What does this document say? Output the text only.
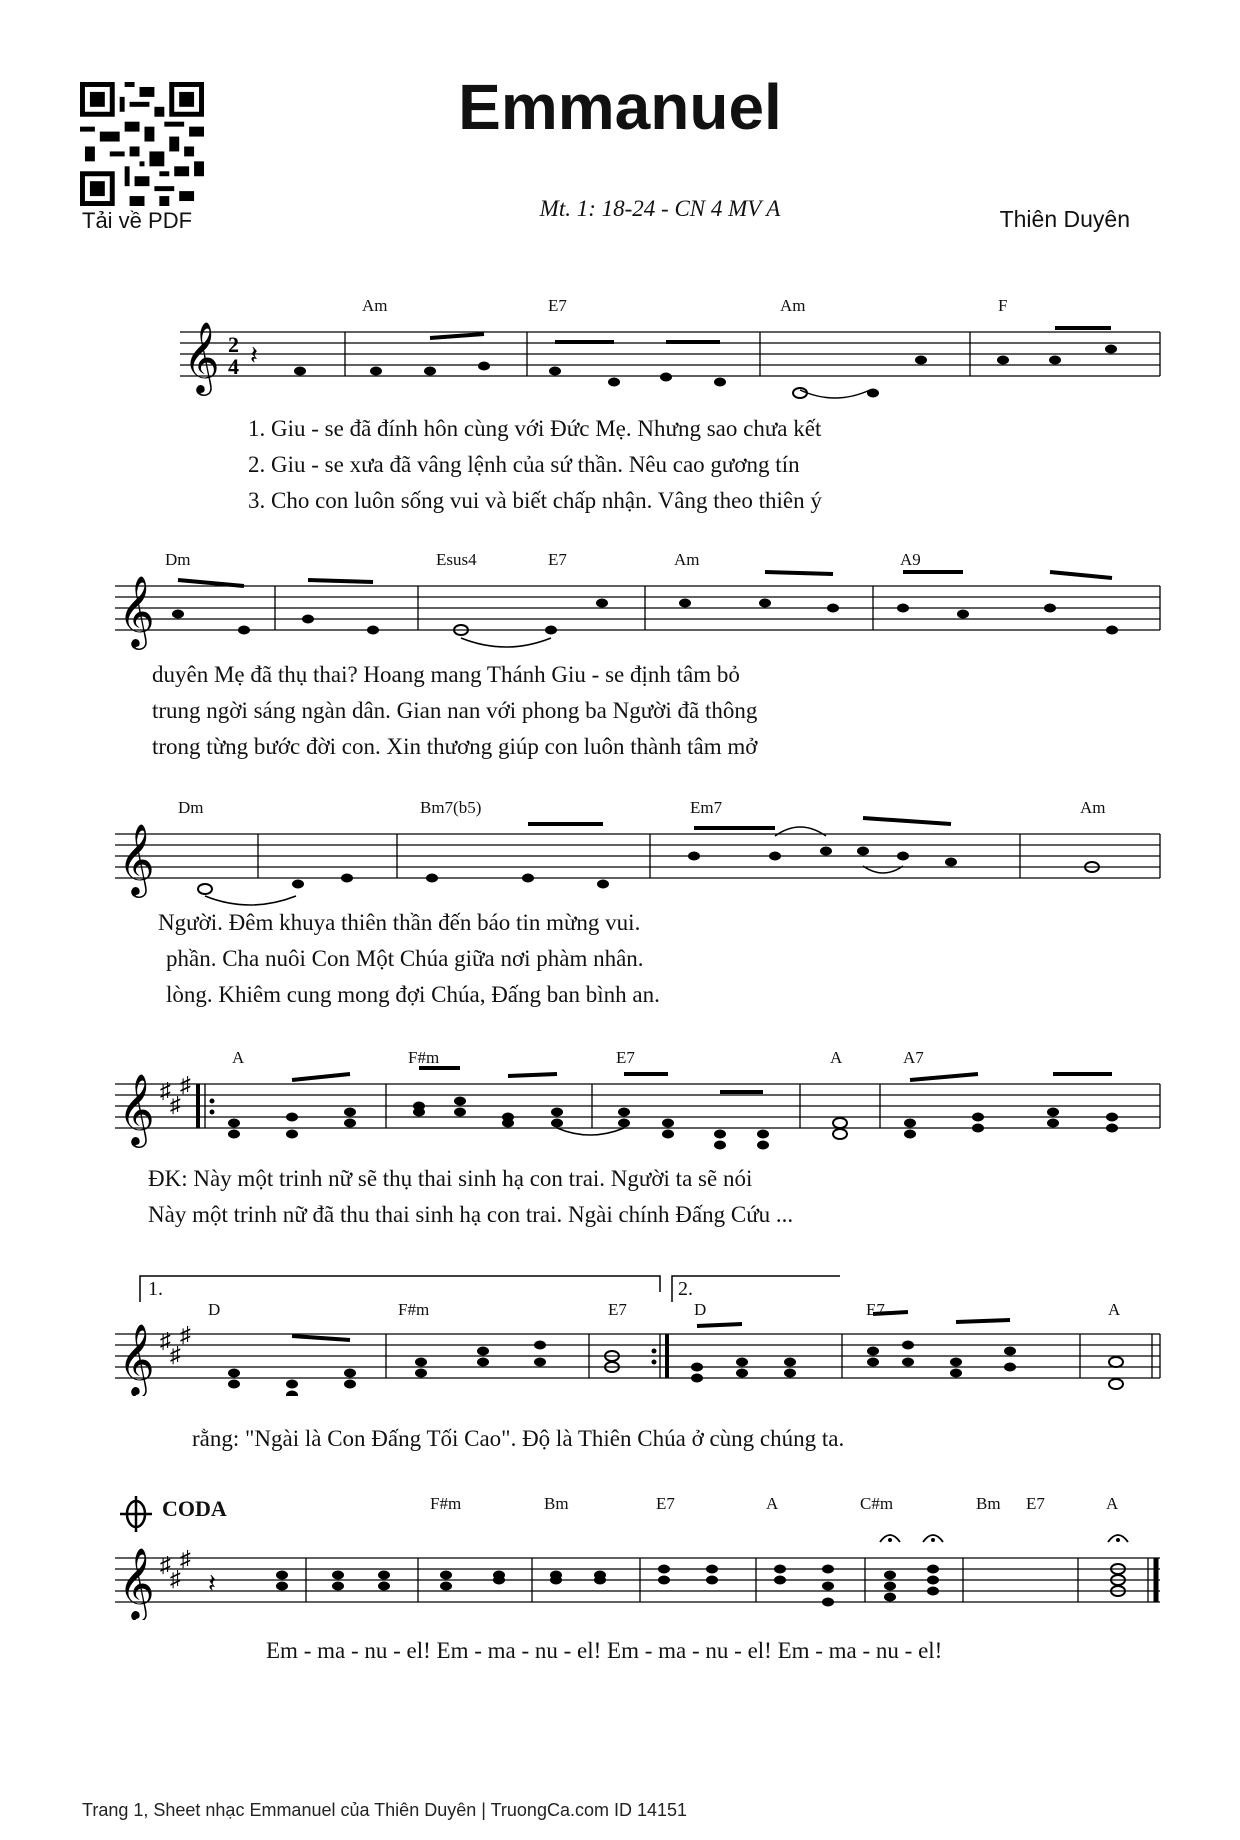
Tải về PDF
Emmanuel
Mt. 1: 18-24 - CN 4 MV A	Thiên Duyên
𝄞 2
4 𝄽
Am	E7	Am	F
1. Giu - se đã đính hôn cùng với Đức Mẹ. Nhưng sao chưa kết
2. Giu - se xưa đã vâng lệnh của sứ thần. Nêu cao gương tín
3. Cho con luôn sống vui và biết chấp nhận. Vâng theo thiên ý
𝄞
Dm	Esus4	E7	Am	A9
duyên Mẹ đã thụ thai? Hoang mang Thánh Giu - se định tâm bỏ
trung ngời sáng ngàn dân. Gian nan với phong ba Người đã thông
trong từng bước đời con. Xin thương giúp con luôn thành tâm mở
𝄞
Dm	Bm7(b5)	Em7	Am
Người. Đêm khuya thiên thần đến báo tin mừng vui.
phần. Cha nuôi Con Một Chúa giữa nơi phàm nhân.
lòng. Khiêm cung mong đợi Chúa, Đấng ban bình an.
𝄞 ♯
♯
♯
A	F#m	E7	A	A7
ĐK: Này một trinh nữ sẽ thụ thai sinh hạ con trai. Người ta sẽ nói
Này một trinh nữ đã thu thai sinh hạ con trai. Ngài chính Đấng Cứu ...
𝄞 ♯
♯
♯
1.	2.
D	F#m	E7	D	E7	A
rằng: "Ngài là Con Đấng Tối Cao". Độ là Thiên Chúa ở cùng chúng ta.
𝄞 ♯
♯
♯
𝄽
CODA	F#m	Bm	E7	A	C#m	Bm E7	A
Em - ma - nu - el! Em - ma - nu - el! Em - ma - nu - el! Em - ma - nu - el!
Trang 1, Sheet nhạc Emmanuel của Thiên Duyên | TruongCa.com ID 14151
